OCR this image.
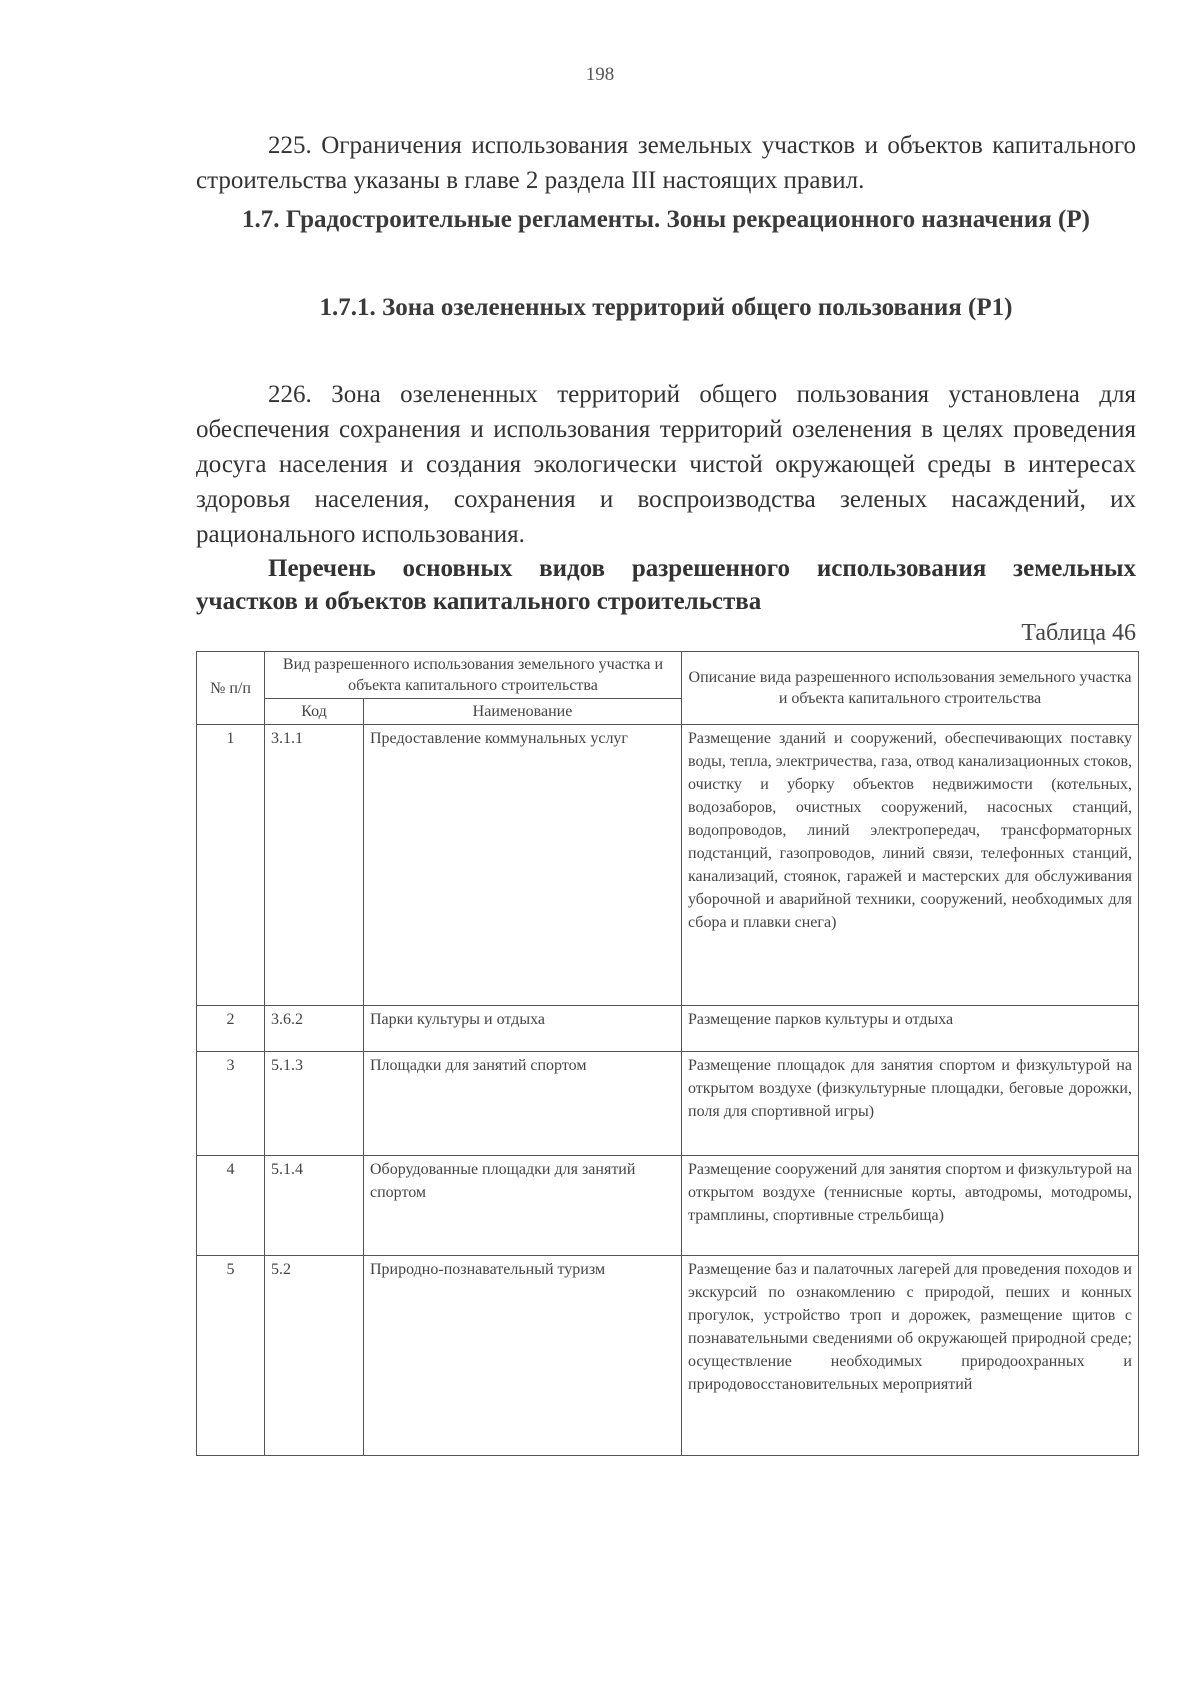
198

225. Ограничения использования земельных участков и объектов капитального строительства указаны в главе 2 раздела III настоящих правил.

1.7. Градостроительные регламенты. Зоны рекреационного назначения (Р)
1.7.1. Зона озелененных территорий общего пользования (Р1)

226. Зона озелененных территорий общего пользования установлена для обеспечения сохранения и использования территорий озеленения в целях проведения досуга населения и создания экологически чистой окружающей среды в интересах здоровья населения, сохранения и воспроизводства зеленых насаждений, их рационального использования.

Перечень основных видов разрешенного использования земельных участков и объектов капитального строительства
Таблица 46
№ п/п	Вид разрешенного использования земельного участка и объекта капитального строительства		Описание вида разрешенного использования земельного участка и объекта капитального строительства
	Код	Наименование	
1	3.1.1	Предоставление коммунальных услуг	Размещение зданий и сооружений, обеспечивающих поставку воды, тепла, электричества, газа, отвод канализационных стоков, очистку и уборку объектов недвижимости (котельных, водозаборов, очистных сооружений, насосных станций, водопроводов, линий электропередач, трансформаторных подстанций, газопроводов, линий связи, телефонных станций, канализаций, стоянок, гаражей и мастерских для обслуживания уборочной и аварийной техники, сооружений, необходимых для сбора и плавки снега)
2	3.6.2	Парки культуры и отдыха	Размещение парков культуры и отдыха
3	5.1.3	Площадки для занятий спортом	Размещение площадок для занятия спортом и физкультурой на открытом воздухе (физкультурные площадки, беговые дорожки, поля для спортивной игры)
4	5.1.4	Оборудованные площадки для занятий спортом	Размещение сооружений для занятия спортом и физкультурой на открытом воздухе (теннисные корты, автодромы, мотодромы, трамплины, спортивные стрельбища)
5	5.2	Природно-познавательный туризм	Размещение баз и палаточных лагерей для проведения походов и экскурсий по ознакомлению с природой, пеших и конных прогулок, устройство троп и дорожек, размещение щитов с познавательными сведениями об окружающей природной среде; осуществление необходимых природоохранных и природовосстановительных мероприятий
